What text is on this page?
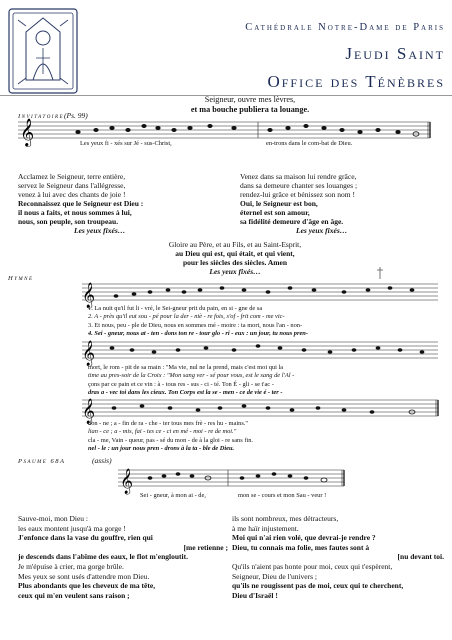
Cathédrale Notre-Dame de Paris
Jeudi Saint
Office des Ténèbres
Seigneur, ouvre mes lèvres,
et ma bouche publiera ta louange.
Invitatoire (Ps. 99)
𝄞	Les yeux fi - xés sur Jé - sus-Christ,	en-trons dans le com-bat de Dieu.
Acclamez le Seigneur, terre entière,
servez le Seigneur dans l'allégresse,
venez à lui avec des chants de joie !
Reconnaissez que le Seigneur est Dieu :
il nous a faits, et nous sommes à lui,
nous, son peuple, son troupeau.
Les yeux fixés…
Venez dans sa maison lui rendre grâce,
dans sa demeure chanter ses louanges ;
rendez-lui grâce et bénissez son nom !
Oui, le Seigneur est bon,
éternel est son amour,
sa fidélité demeure d'âge en âge.
Les yeux fixés…
Gloire au Père, et au Fils, et au Saint-Esprit,
au Dieu qui est, qui était, et qui vient,
pour les siècles des siècles. Amen
Les yeux fixés…
Hymne
𝄞
1. La nuit qu'il fut li - vré, le Sei-gneur prit du pain, en si - gne de sa
2. A - près qu'il eut sou - pé pour la der - niè - re fois, s'of - frit com - me vic-
3. Et nous, peu - ple de Dieu, nous en sommes mé - moire : ta mort, nous l'an - non-
4. Sei - gneur, nous at - ten - dons ton re - tour glo - ri - eux : un jour, tu nous pren-
𝄞
mort, le rom - pit de sa main : "Ma vie, nul ne la prend, mais c'est moi qui la
time au pres-soir de la Croix : "Mon sang ver - sé pour vous, est le sang de l'Al -
çons par ce pain et ce vin : à - tous res - sus - ci - té. Ton É - gli - se t'ac -
dras a - vec toi dans les cieux. Ton Corps est la se - men - ce de vie é - ter -
𝄞
don - ne ; a - fin de ra - che - ter tous mes frè - res hu - mains."
lian - ce ; a - mis, fai - tes ce - ci en mé - moi - re de moi."
cla - me, Vain - queur, pas - sé du mon - de à la gloi - re sans fin.
nel - le : un jour nous pren - drons à la ta - ble de Dieu.
Psaume 68A	(assis)
𝄞
Sei - gneur, à mon ai - de,	mon se - cours et mon Sau - veur !
Sauve-moi, mon Dieu :
les eaux montent jusqu'à ma gorge !
J'enfonce dans la vase du gouffre, rien qui
[me retienne ;
je descends dans l'abîme des eaux, le flot m'engloutit.
Je m'épuise à crier, ma gorge brûle.
Mes yeux se sont usés d'attendre mon Dieu.
Plus abondants que les cheveux de ma tête,
ceux qui m'en veulent sans raison ;
ils sont nombreux, mes détracteurs,
à me haïr injustement.
Moi qui n'ai rien volé, que devrai-je rendre ?
Dieu, tu connais ma folie, mes fautes sont à
[nu devant toi.
Qu'ils n'aient pas honte pour moi, ceux qui t'espèrent,
Seigneur, Dieu de l'univers ;
qu'ils ne rougissent pas de moi, ceux qui te cherchent,
Dieu d'Israël !
